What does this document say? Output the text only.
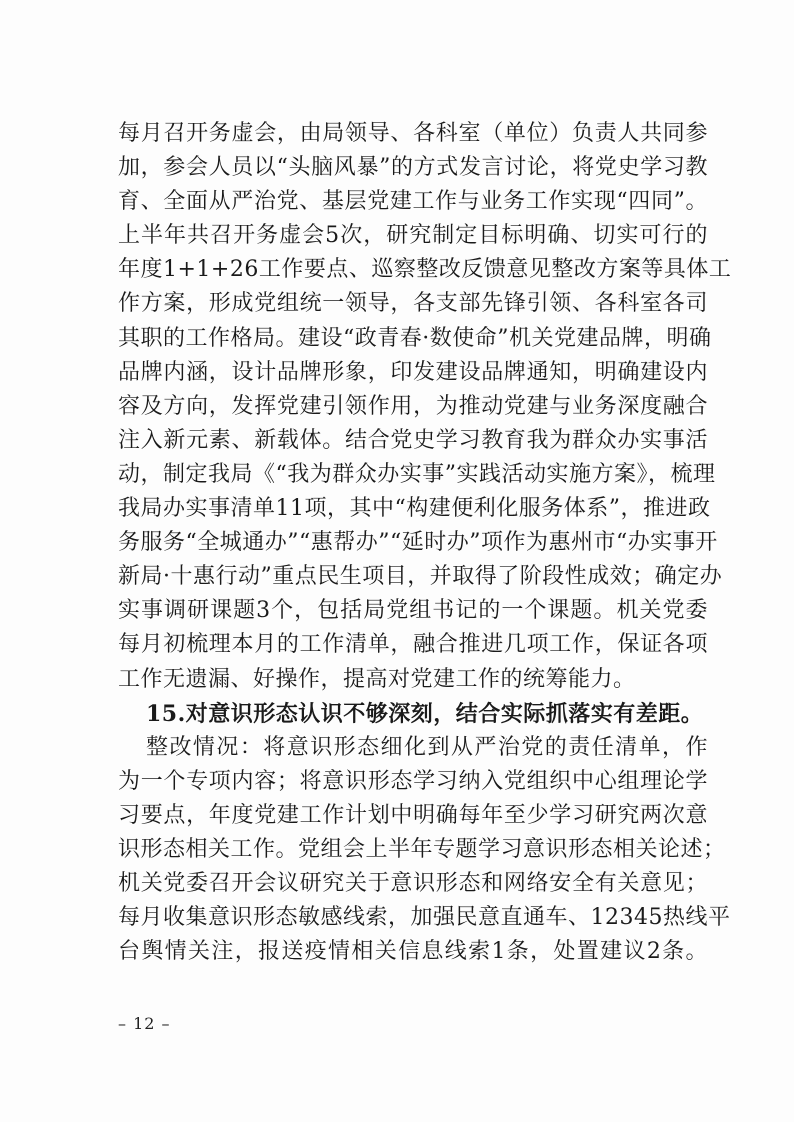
每月召开务虚会，由局领导、各科室（单位）负责人共同参
加，参会人员以“头脑风暴”的方式发言讨论，将党史学习教
育、全面从严治党、基层党建工作与业务工作实现“四同”。
上半年共召开务虚会5次，研究制定目标明确、切实可行的
年度1+1+26工作要点、巡察整改反馈意见整改方案等具体工
作方案，形成党组统一领导，各支部先锋引领、各科室各司
其职的工作格局。建设“政青春·数使命”机关党建品牌，明确
品牌内涵，设计品牌形象，印发建设品牌通知，明确建设内
容及方向，发挥党建引领作用，为推动党建与业务深度融合
注入新元素、新载体。结合党史学习教育我为群众办实事活
动，制定我局《“我为群众办实事”实践活动实施方案》，梳理
我局办实事清单11项，其中“构建便利化服务体系”，推进政
务服务“全城通办”“惠帮办”“延时办”项作为惠州市“办实事开
新局·十惠行动”重点民生项目，并取得了阶段性成效；确定办
实事调研课题3个，包括局党组书记的一个课题。机关党委
每月初梳理本月的工作清单，融合推进几项工作，保证各项
工作无遗漏、好操作，提高对党建工作的统筹能力。
15.对意识形态认识不够深刻，结合实际抓落实有差距。
整改情况：将意识形态细化到从严治党的责任清单，作
为一个专项内容；将意识形态学习纳入党组织中心组理论学
习要点，年度党建工作计划中明确每年至少学习研究两次意
识形态相关工作。党组会上半年专题学习意识形态相关论述；
机关党委召开会议研究关于意识形态和网络安全有关意见；
每月收集意识形态敏感线索，加强民意直通车、12345热线平
台舆情关注，报送疫情相关信息线索1条，处置建议2条。
– 12 –
